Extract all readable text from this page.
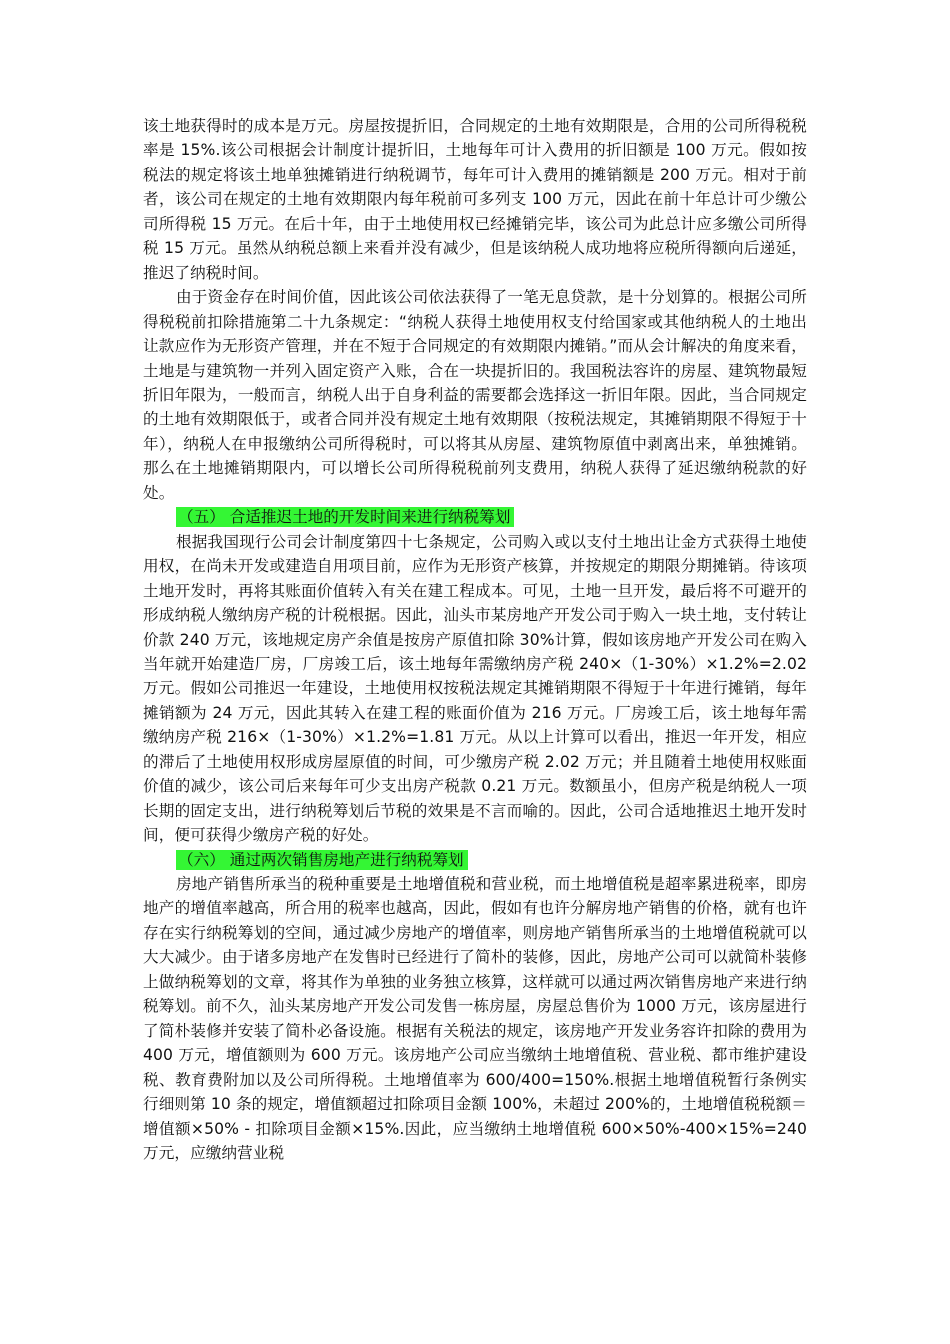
该土地获得时的成本是万元。房屋按提折旧，合同规定的土地有效期限是，合用的公司所得税税率是 15%.该公司根据会计制度计提折旧，土地每年可计入费用的折旧额是 100 万元。假如按税法的规定将该土地单独摊销进行纳税调节，每年可计入费用的摊销额是 200 万元。相对于前者，该公司在规定的土地有效期限内每年税前可多列支 100 万元，因此在前十年总计可少缴公司所得税 15 万元。在后十年，由于土地使用权已经摊销完毕，该公司为此总计应多缴公司所得税 15 万元。虽然从纳税总额上来看并没有减少，但是该纳税人成功地将应税所得额向后递延，推迟了纳税时间。

由于资金存在时间价值，因此该公司依法获得了一笔无息贷款，是十分划算的。根据公司所得税税前扣除措施第二十九条规定：“纳税人获得土地使用权支付给国家或其他纳税人的土地出让款应作为无形资产管理，并在不短于合同规定的有效期限内摊销。”而从会计解决的角度来看，土地是与建筑物一并列入固定资产入账，合在一块提折旧的。我国税法容许的房屋、建筑物最短折旧年限为，一般而言，纳税人出于自身利益的需要都会选择这一折旧年限。因此，当合同规定的土地有效期限低于，或者合同并没有规定土地有效期限（按税法规定，其摊销期限不得短于十年），纳税人在申报缴纳公司所得税时，可以将其从房屋、建筑物原值中剥离出来，单独摊销。那么在土地摊销期限内，可以增长公司所得税税前列支费用，纳税人获得了延迟缴纳税款的好处。

（五） 合适推迟土地的开发时间来进行纳税筹划

根据我国现行公司会计制度第四十七条规定，公司购入或以支付土地出让金方式获得土地使用权，在尚未开发或建造自用项目前，应作为无形资产核算，并按规定的期限分期摊销。待该项土地开发时，再将其账面价值转入有关在建工程成本。可见，土地一旦开发，最后将不可避开的形成纳税人缴纳房产税的计税根据。因此，汕头市某房地产开发公司于购入一块土地，支付转让价款 240 万元，该地规定房产余值是按房产原值扣除 30%计算，假如该房地产开发公司在购入当年就开始建造厂房，厂房竣工后，该土地每年需缴纳房产税 240×（1-30%）×1.2%=2.02 万元。假如公司推迟一年建设，土地使用权按税法规定其摊销期限不得短于十年进行摊销，每年摊销额为 24 万元，因此其转入在建工程的账面价值为 216 万元。厂房竣工后，该土地每年需缴纳房产税 216×（1-30%）×1.2%=1.81 万元。从以上计算可以看出，推迟一年开发，相应的滞后了土地使用权形成房屋原值的时间，可少缴房产税 2.02 万元；并且随着土地使用权账面价值的减少，该公司后来每年可少支出房产税款 0.21 万元。数额虽小，但房产税是纳税人一项长期的固定支出，进行纳税筹划后节税的效果是不言而喻的。因此，公司合适地推迟土地开发时间，便可获得少缴房产税的好处。

（六） 通过两次销售房地产进行纳税筹划

房地产销售所承当的税种重要是土地增值税和营业税，而土地增值税是超率累进税率，即房地产的增值率越高，所合用的税率也越高，因此，假如有也许分解房地产销售的价格，就有也许存在实行纳税筹划的空间，通过减少房地产的增值率，则房地产销售所承当的土地增值税就可以大大减少。由于诸多房地产在发售时已经进行了简朴的装修，因此，房地产公司可以就简朴装修上做纳税筹划的文章，将其作为单独的业务独立核算，这样就可以通过两次销售房地产来进行纳税筹划。前不久，汕头某房地产开发公司发售一栋房屋，房屋总售价为 1000 万元，该房屋进行了简朴装修并安装了简朴必备设施。根据有关税法的规定，该房地产开发业务容许扣除的费用为 400 万元，增值额则为 600 万元。该房地产公司应当缴纳土地增值税、营业税、都市维护建设税、教育费附加以及公司所得税。土地增值率为 600/400=150%.根据土地增值税暂行条例实行细则第 10 条的规定，增值额超过扣除项目金额 100%，未超过 200%的，土地增值税税额＝增值额×50% - 扣除项目金额×15%.因此，应当缴纳土地增值税 600×50%-400×15%=240 万元，应缴纳营业税
